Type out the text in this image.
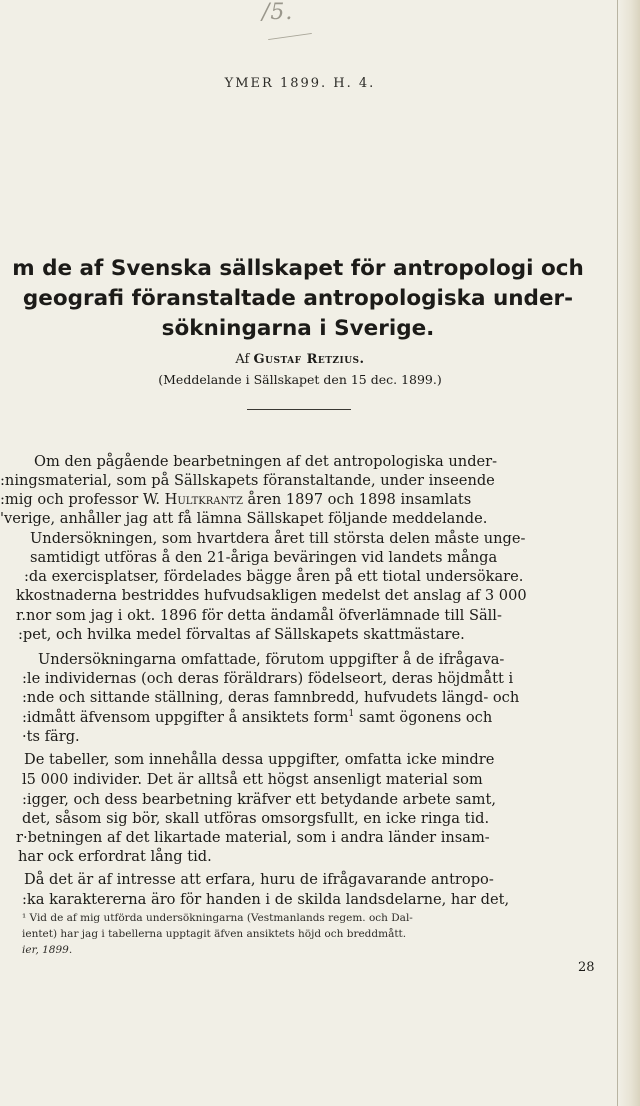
/5.
YMER 1899. H. 4.
m de af Svenska sällskapet för antropologi och
geografi föranstaltade antropologiska under-
sökningarna i Sverige.
Af Gustaf Retzius.
(Meddelande i Sällskapet den 15 dec. 1899.)
Om den pågående bearbetningen af det antropologiska under-
:ningsmaterial, som på Sällskapets föranstaltande, under inseende
:mig och professor W. Hultkrantz åren 1897 och 1898 insamlats
'verige, anhåller jag att få lämna Sällskapet följande meddelande.
Undersökningen, som hvartdera året till största delen måste unge-
samtidigt utföras å den 21-åriga beväringen vid landets många
:da exercisplatser, fördelades bägge åren på ett tiotal undersökare.
kkostnaderna bestriddes hufvudsakligen medelst det anslag af 3 000
r.nor som jag i okt. 1896 för detta ändamål öfverlämnade till Säll-
:pet, och hvilka medel förvaltas af Sällskapets skattmästare.
Undersökningarna omfattade, förutom uppgifter å de ifrågava-
:le individernas (och deras föräldrars) födelseort, deras höjdmått i
:nde och sittande ställning, deras famnbredd, hufvudets längd- och
:idmått äfvensom uppgifter å ansiktets form$^1$ samt ögonens och
·ts färg.
De tabeller, som innehålla dessa uppgifter, omfatta icke mindre
l5 000 individer. Det är alltså ett högst ansenligt material som
:igger, och dess bearbetning kräfver ett betydande arbete samt,
det, såsom sig bör, skall utföras omsorgsfullt, en icke ringa tid.
r·betningen af det likartade material, som i andra länder insam-
har ock erfordrat lång tid.
Då det är af intresse att erfara, huru de ifrågavarande antropo-
:ka karaktererna äro för handen i de skilda landsdelarne, har det,
¹ Vid de af mig utförda undersökningarna (Vestmanlands regem. och Dal-
ientet) har jag i tabellerna upptagit äfven ansiktets höjd och breddmått.
ier, 1899.
28
